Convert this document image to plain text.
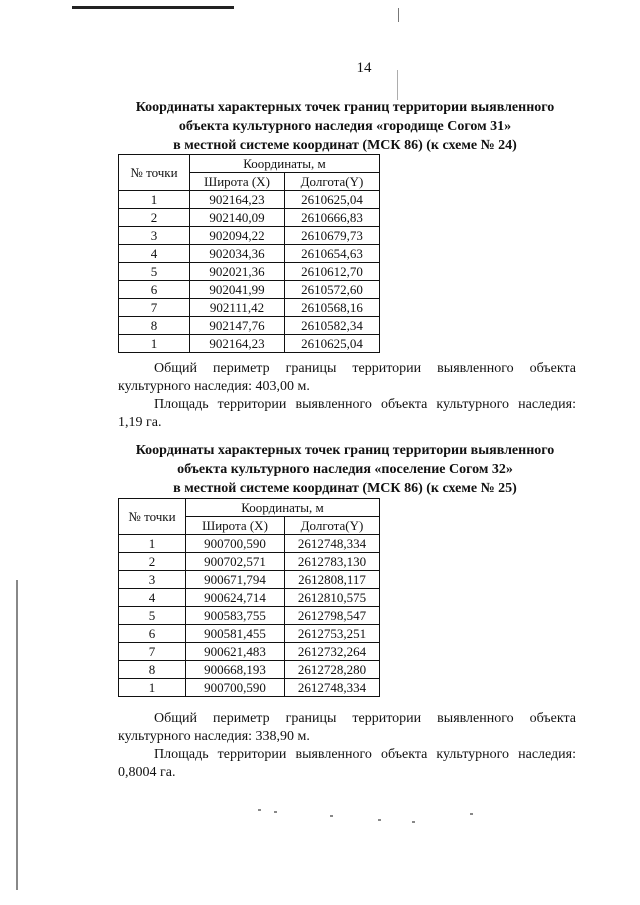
14
Координаты характерных точек границ территории выявленного
объекта культурного наследия «городище Согом 31»
в местной системе координат (МСК 86) (к схеме № 24)
№ точки	Координаты, м	
	Широта (X)	Долгота(Y)
1	902164,23	2610625,04
2	902140,09	2610666,83
3	902094,22	2610679,73
4	902034,36	2610654,63
5	902021,36	2610612,70
6	902041,99	2610572,60
7	902111,42	2610568,16
8	902147,76	2610582,34
1	902164,23	2610625,04
Общий периметр границы территории выявленного объекта
культурного наследия: 403,00 м.
Площадь территории выявленного объекта культурного наследия:
1,19 га.
Координаты характерных точек границ территории выявленного
объекта культурного наследия «поселение Согом 32»
в местной системе координат (МСК 86) (к схеме № 25)
№ точки	Координаты, м	
	Широта (X)	Долгота(Y)
1	900700,590	2612748,334
2	900702,571	2612783,130
3	900671,794	2612808,117
4	900624,714	2612810,575
5	900583,755	2612798,547
6	900581,455	2612753,251
7	900621,483	2612732,264
8	900668,193	2612728,280
1	900700,590	2612748,334
Общий периметр границы территории выявленного объекта
культурного наследия: 338,90 м.
Площадь территории выявленного объекта культурного наследия:
0,8004 га.
